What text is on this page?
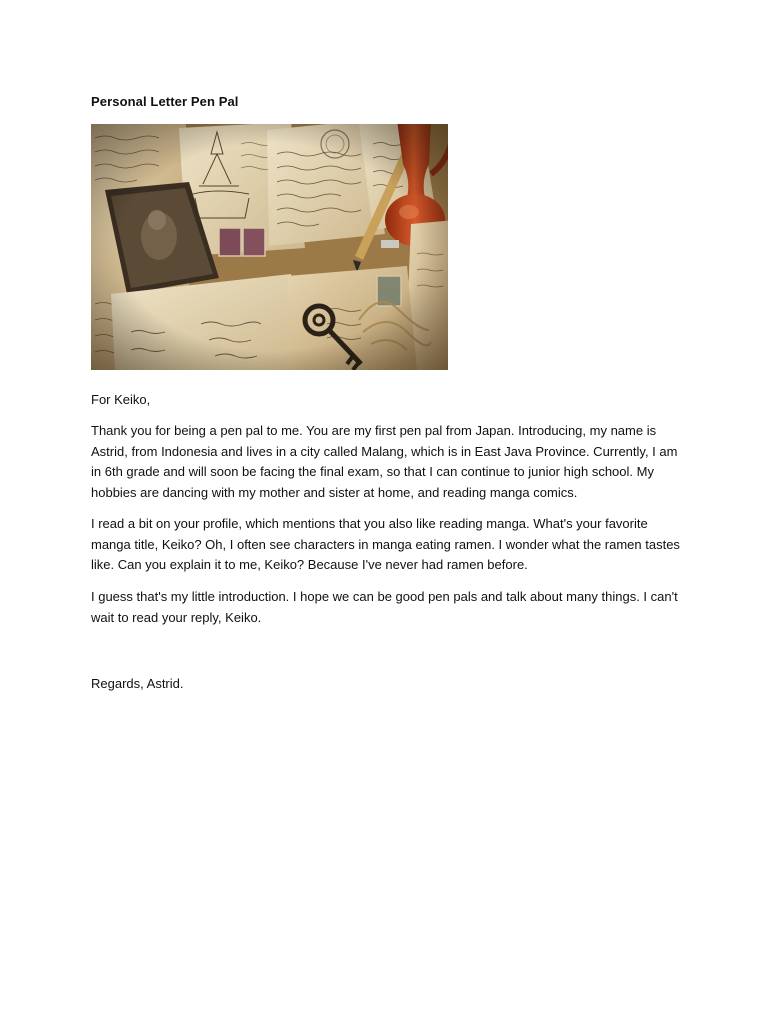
Personal Letter Pen Pal
For Keiko,

Thank you for being a pen pal to me. You are my first pen pal from Japan. Introducing, my name is Astrid, from Indonesia and lives in a city called Malang, which is in East Java Province. Currently, I am in 6th grade and will soon be facing the final exam, so that I can continue to junior high school. My hobbies are dancing with my mother and sister at home, and reading manga comics.

I read a bit on your profile, which mentions that you also like reading manga. What's your favorite manga title, Keiko? Oh, I often see characters in manga eating ramen. I wonder what the ramen tastes like. Can you explain it to me, Keiko? Because I've never had ramen before.

I guess that's my little introduction. I hope we can be good pen pals and talk about many things. I can't wait to read your reply, Keiko.

Regards, Astrid.
